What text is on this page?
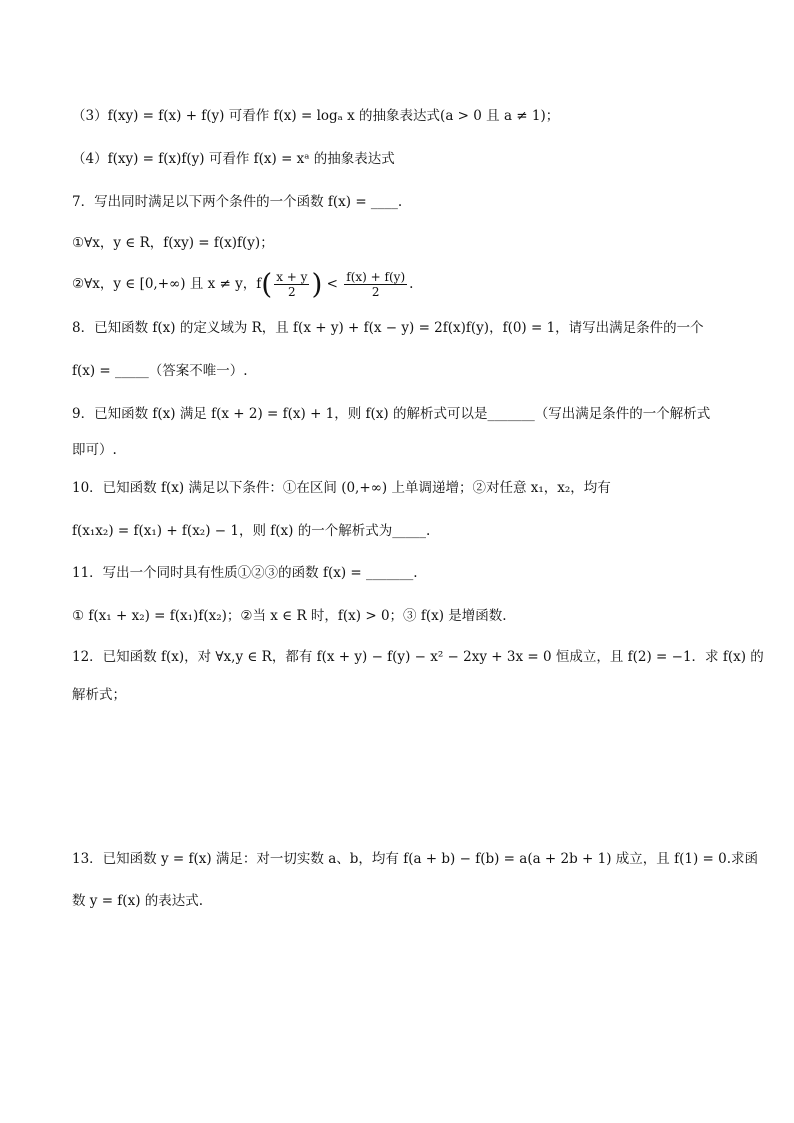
（3）f(xy) = f(x) + f(y) 可看作 f(x) = logₐ x 的抽象表达式(a > 0 且 a ≠ 1)；
（4）f(xy) = f(x)f(y) 可看作 f(x) = xᵃ 的抽象表达式
7．写出同时满足以下两个条件的一个函数 f(x) = ____.
①∀x，y ∈ R，f(xy) = f(x)f(y)；
②∀x，y ∈ [0,+∞) 且 x ≠ y，$f( \frac{x + y}{2}$ ) < $\frac{f(x) + f(y)}{2}$ .
8．已知函数 f(x) 的定义域为 R，且 f(x + y) + f(x − y) = 2f(x)f(y)，f(0) = 1，请写出满足条件的一个
f(x) = _____（答案不唯一）.
9．已知函数 f(x) 满足 f(x + 2) = f(x) + 1，则 f(x) 的解析式可以是_______（写出满足条件的一个解析式
即可）.
10．已知函数 f(x) 满足以下条件：①在区间 (0,+∞) 上单调递增；②对任意 x₁，x₂，均有
f(x₁x₂) = f(x₁) + f(x₂) − 1，则 f(x) 的一个解析式为_____.
11．写出一个同时具有性质①②③的函数 f(x) = _______.
① f(x₁ + x₂) = f(x₁)f(x₂)；②当 x ∈ R 时，f(x) > 0；③ f(x) 是增函数.
12．已知函数 f(x)，对 ∀x,y ∈ R，都有 f(x + y) − f(y) − x² − 2xy + 3x = 0 恒成立，且 f(2) = −1．求 f(x) 的
解析式；
13．已知函数 y = f(x) 满足：对一切实数 a、b，均有 f(a + b) − f(b) = a(a + 2b + 1) 成立，且 f(1) = 0.求函
数 y = f(x) 的表达式.
